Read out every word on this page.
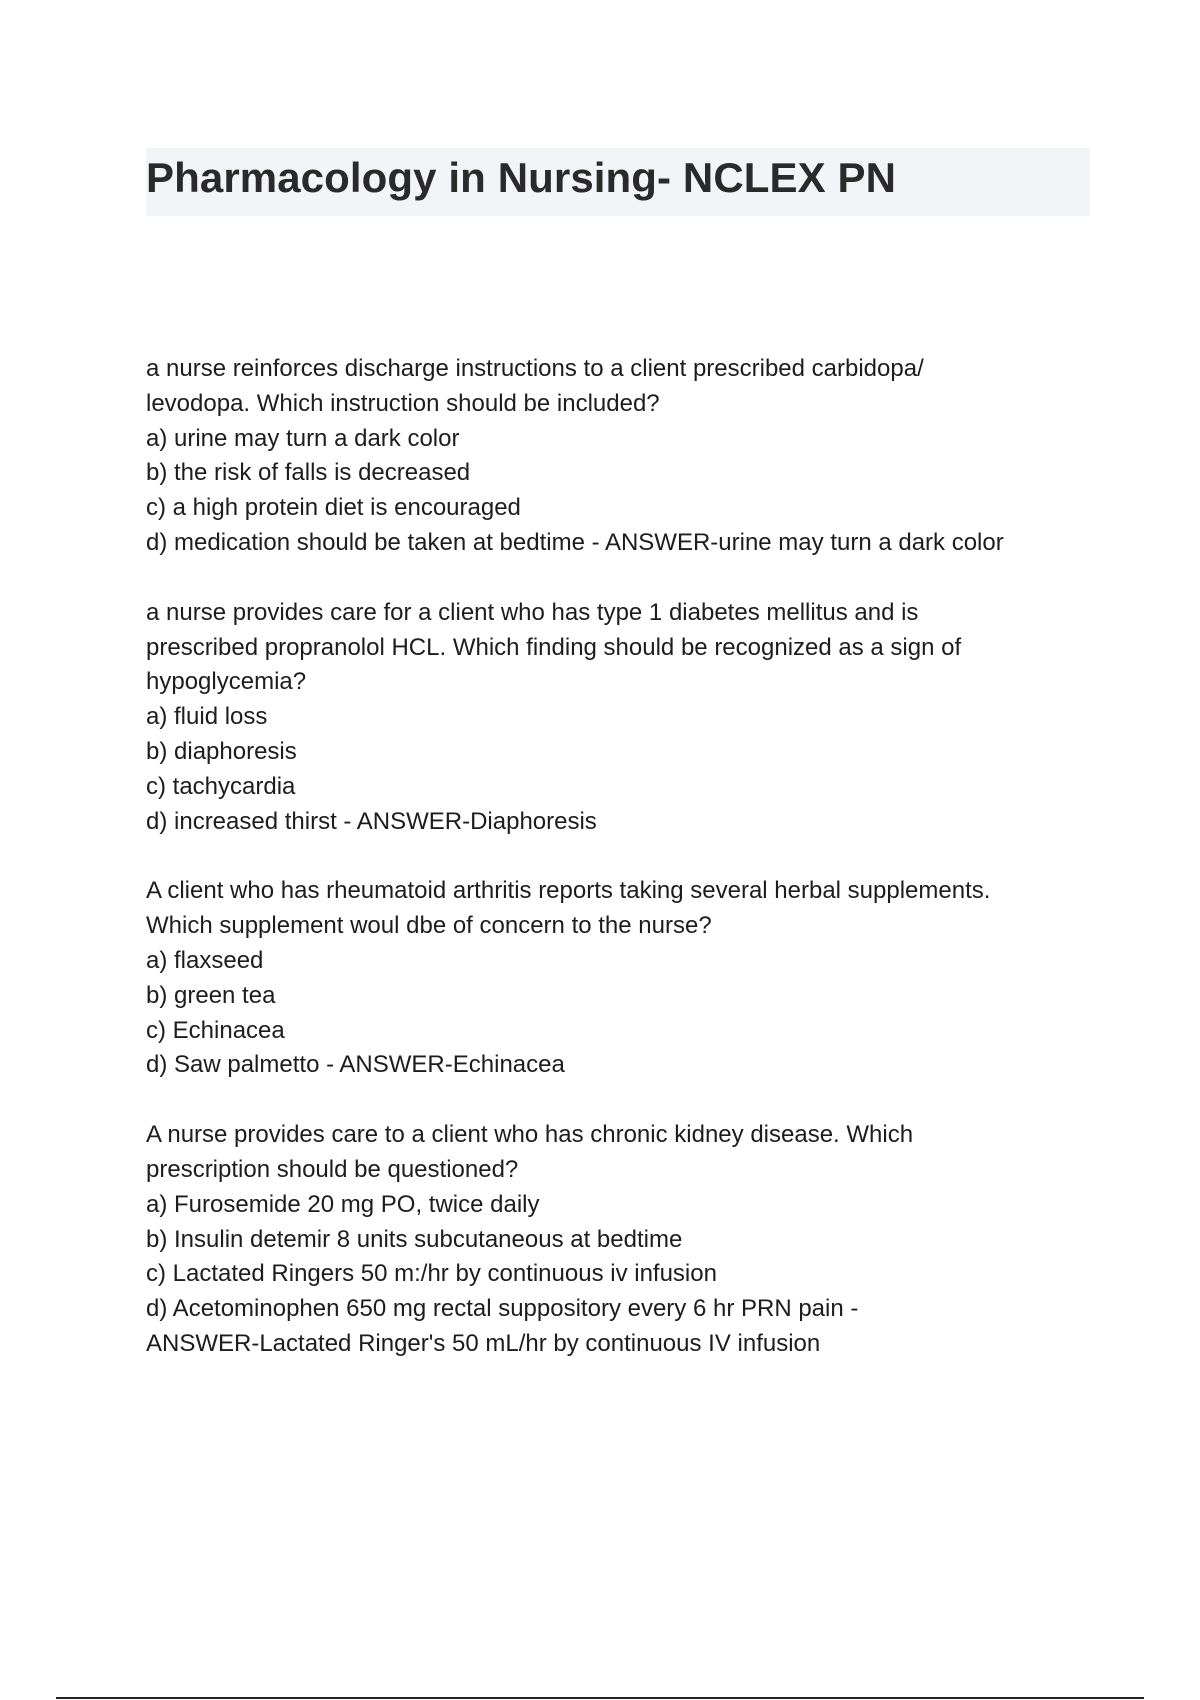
Pharmacology in Nursing- NCLEX PN
a nurse reinforces discharge instructions to a client prescribed carbidopa/
levodopa. Which instruction should be included?
a) urine may turn a dark color
b) the risk of falls is decreased
c) a high protein diet is encouraged
d) medication should be taken at bedtime - ANSWER-urine may turn a dark color
a nurse provides care for a client who has type 1 diabetes mellitus and is
prescribed propranolol HCL. Which finding should be recognized as a sign of
hypoglycemia?
a) fluid loss
b) diaphoresis
c) tachycardia
d) increased thirst - ANSWER-Diaphoresis
A client who has rheumatoid arthritis reports taking several herbal supplements.
Which supplement woul dbe of concern to the nurse?
a) flaxseed
b) green tea
c) Echinacea
d) Saw palmetto - ANSWER-Echinacea
A nurse provides care to a client who has chronic kidney disease. Which
prescription should be questioned?
a) Furosemide 20 mg PO, twice daily
b) Insulin detemir 8 units subcutaneous at bedtime
c) Lactated Ringers 50 m:/hr by continuous iv infusion
d) Acetominophen 650 mg rectal suppository every 6 hr PRN pain -
ANSWER-Lactated Ringer's 50 mL/hr by continuous IV infusion
